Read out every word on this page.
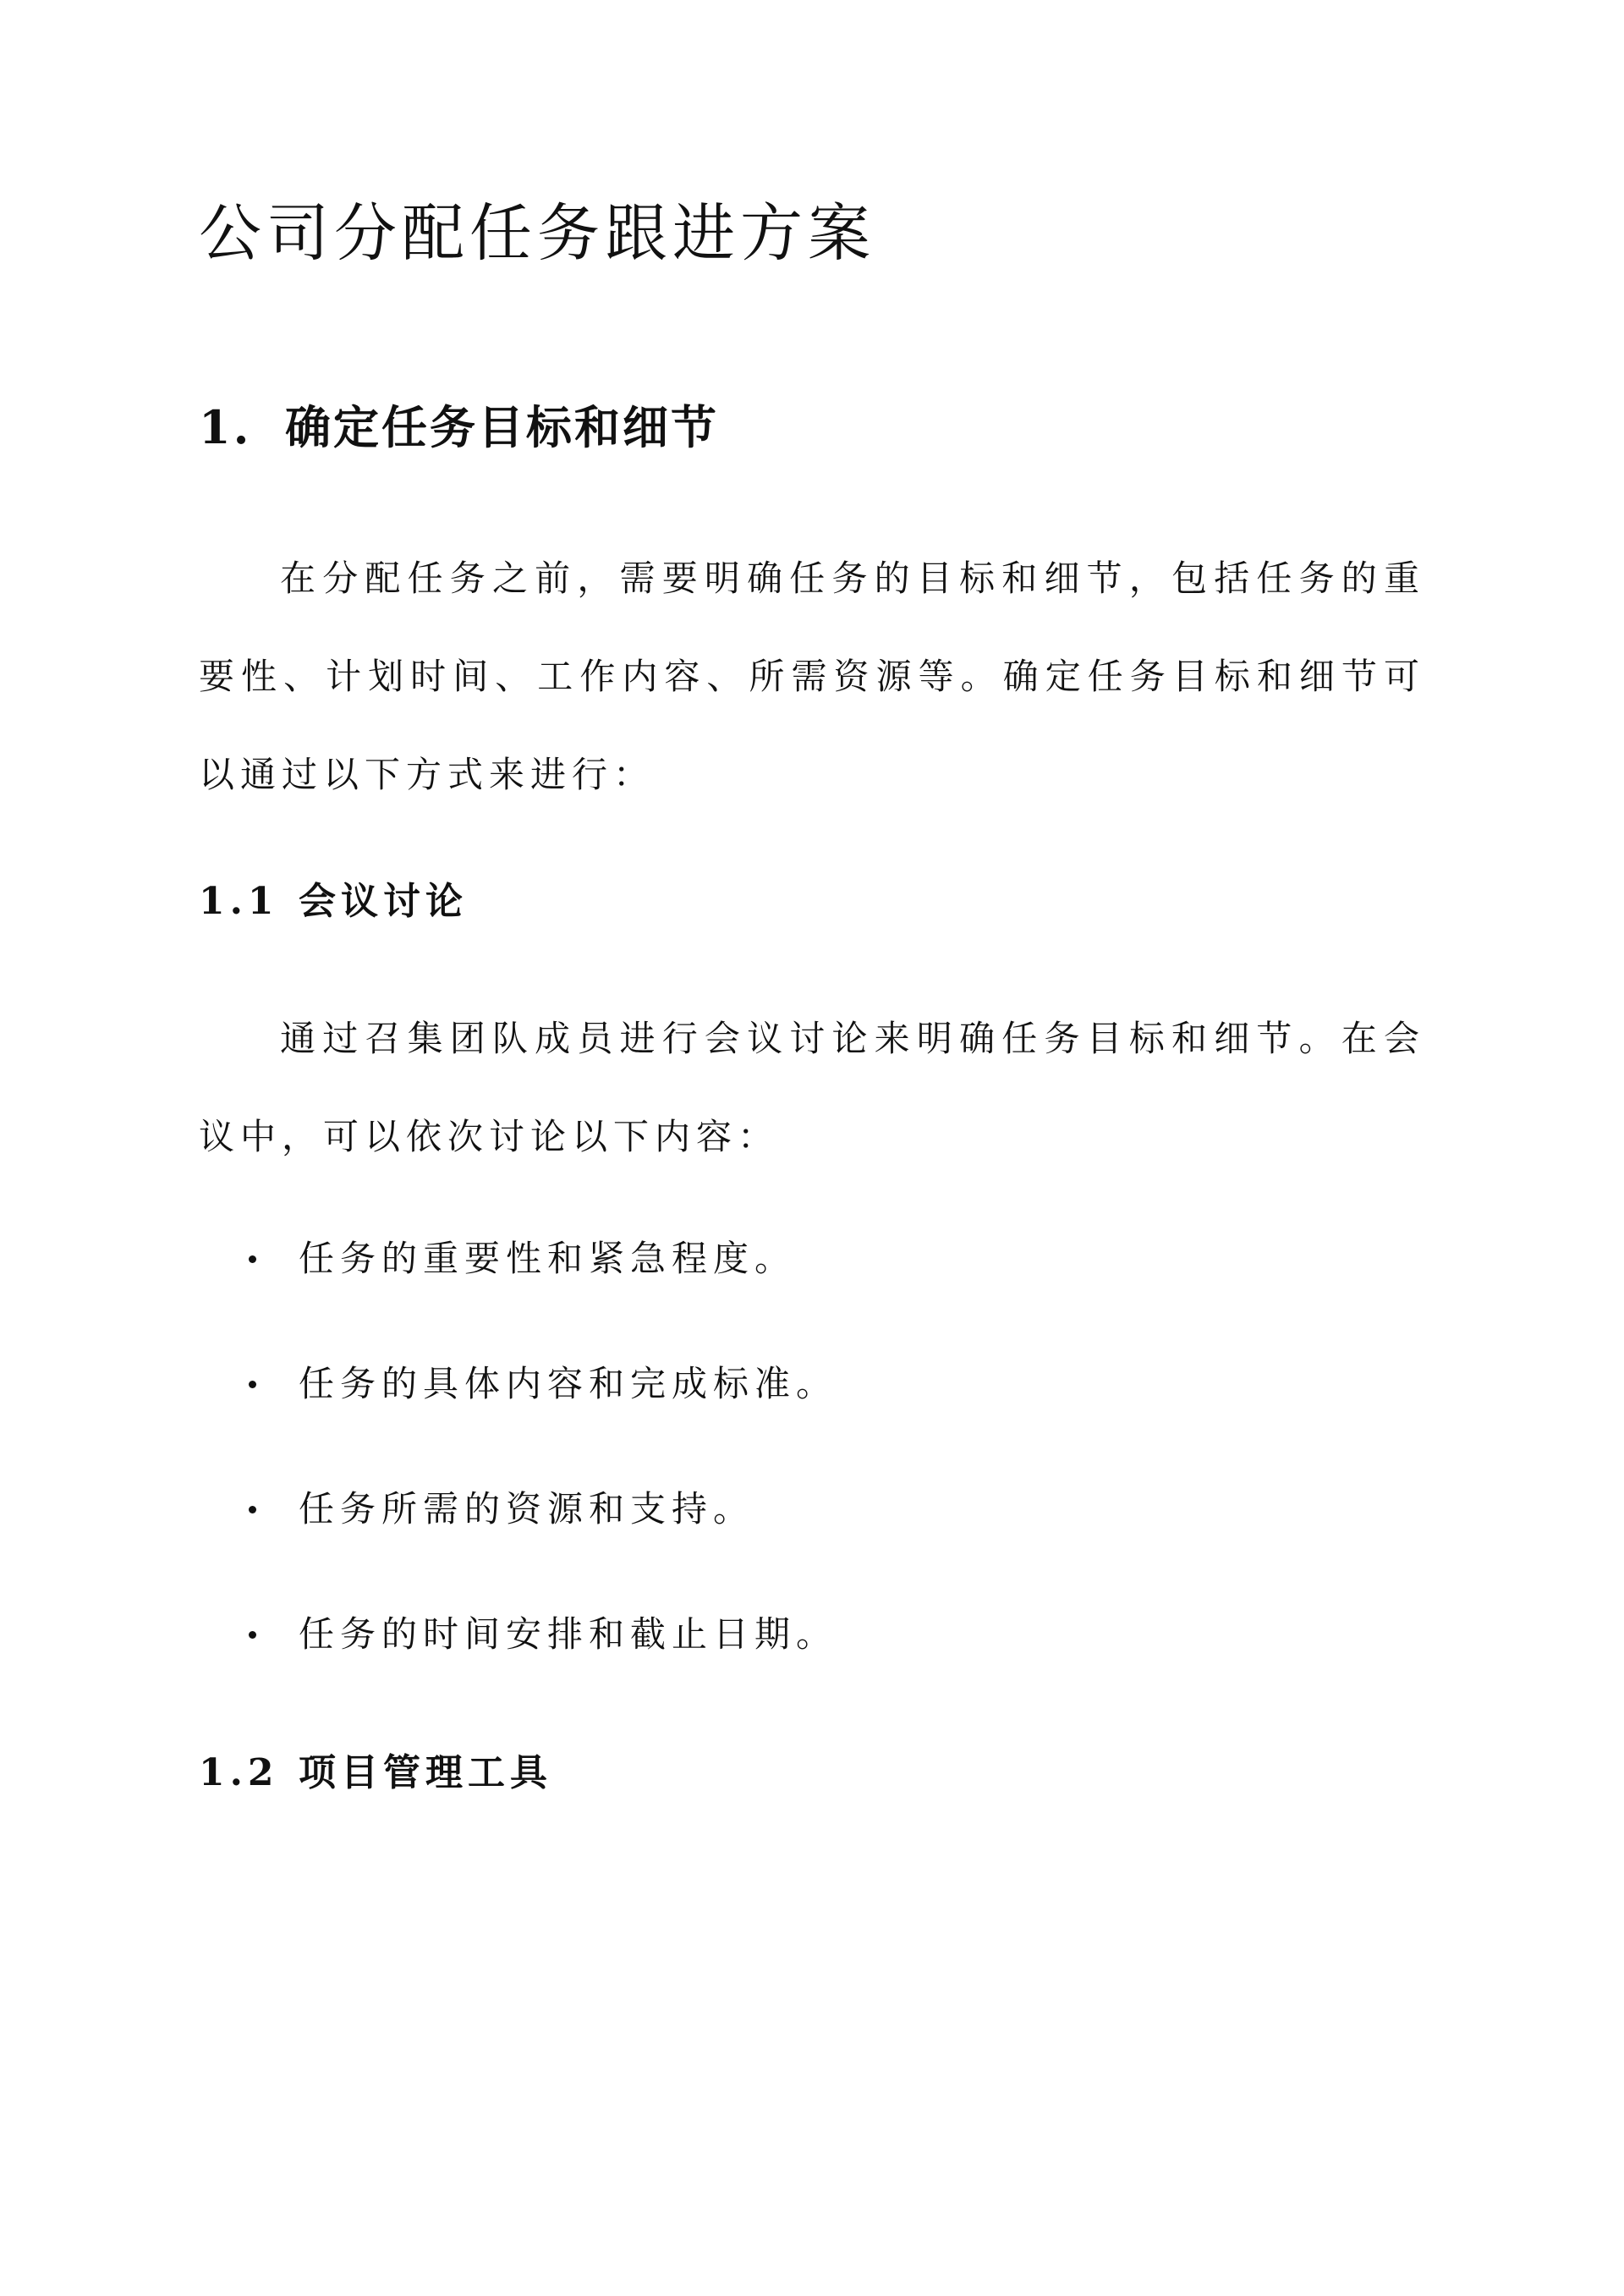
公司分配任务跟进方案
1. 确定任务目标和细节
在分配任务之前，需要明确任务的目标和细节，包括任务的重要性、计划时间、工作内容、所需资源等。确定任务目标和细节可以通过以下方式来进行：
1.1 会议讨论
通过召集团队成员进行会议讨论来明确任务目标和细节。在会议中，可以依次讨论以下内容：
任务的重要性和紧急程度。
任务的具体内容和完成标准。
任务所需的资源和支持。
任务的时间安排和截止日期。
1.2 项目管理工具
